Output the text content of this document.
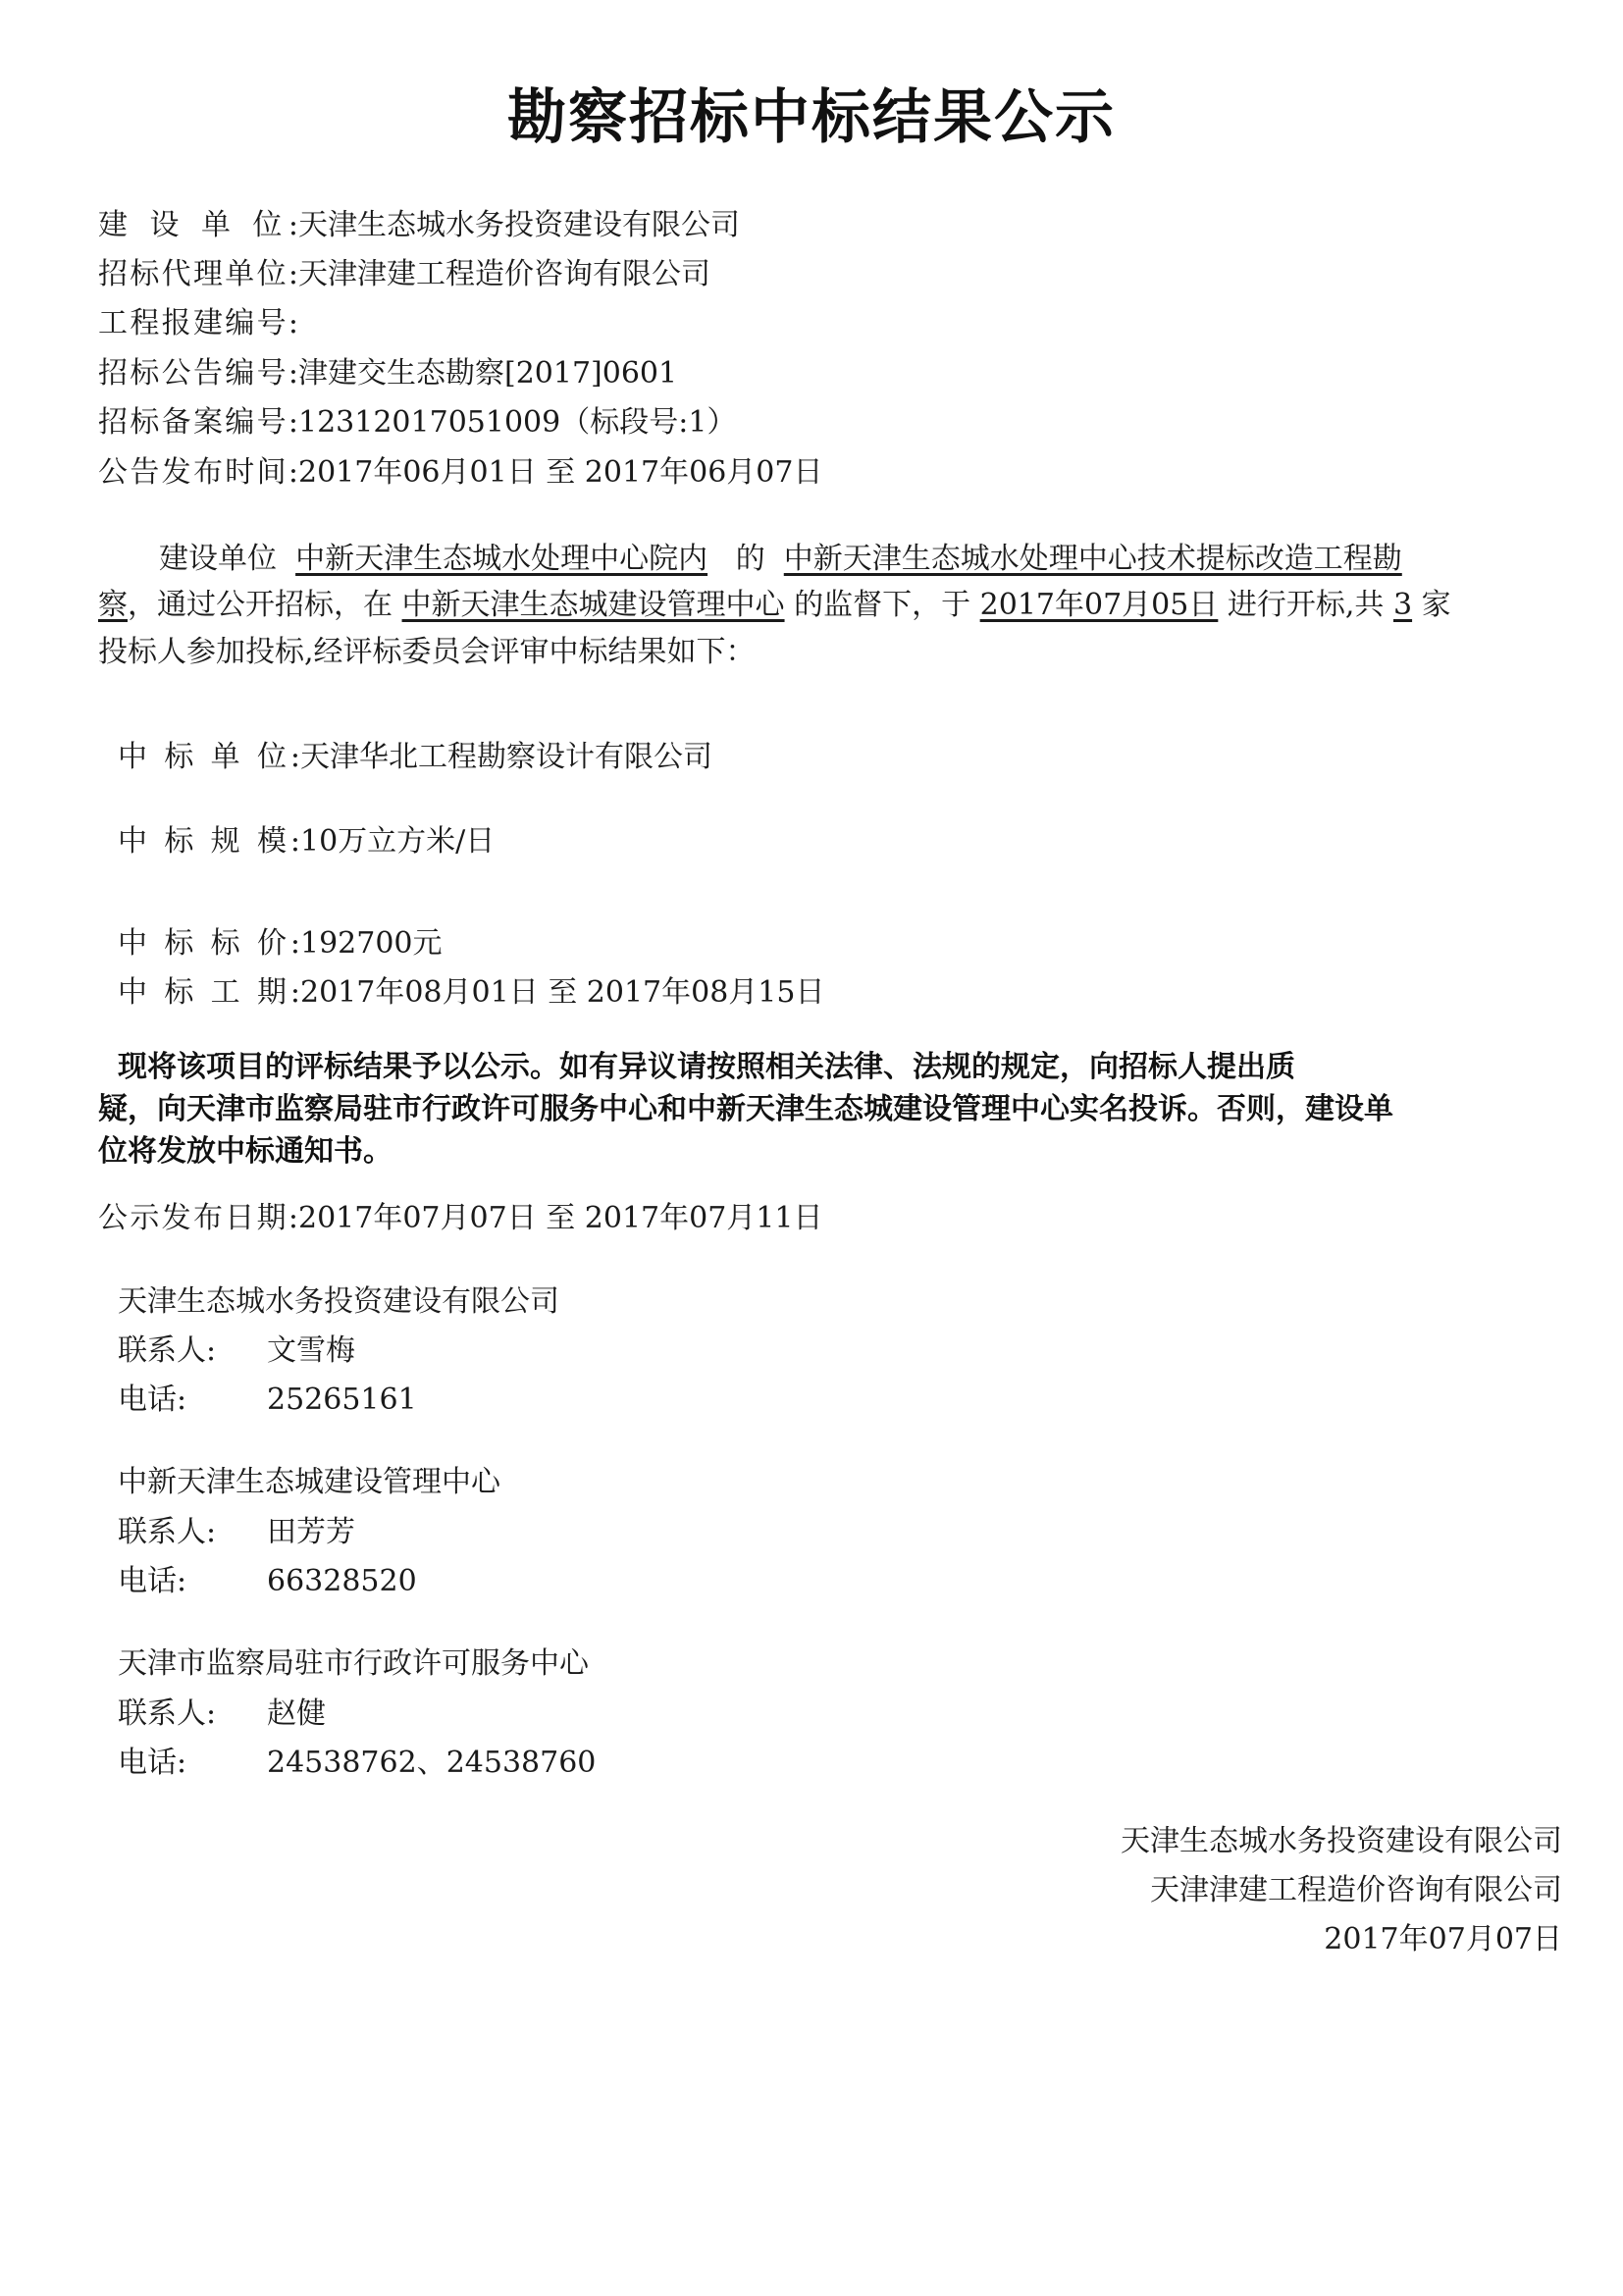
勘察招标中标结果公示
建 设 单 位:天津生态城水务投资建设有限公司
招标代理单位:天津津建工程造价咨询有限公司
工程报建编号:
招标公告编号:津建交生态勘察[2017]0601
招标备案编号:12312017051009（标段号:1）
公告发布时间:2017年06月01日 至 2017年06月07日
建设单位 中新天津生态城水处理中心院内 的 中新天津生态城水处理中心技术提标改造工程勘
察，通过公开招标，在 中新天津生态城建设管理中心 的监督下，于 2017年07月05日 进行开标,共 3 家
投标人参加投标,经评标委员会评审中标结果如下：
中 标 单 位:天津华北工程勘察设计有限公司
中 标 规 模:10万立方米/日
中 标 标 价:192700元
中 标 工 期:2017年08月01日 至 2017年08月15日
现将该项目的评标结果予以公示。如有异议请按照相关法律、法规的规定，向招标人提出质
疑，向天津市监察局驻市行政许可服务中心和中新天津生态城建设管理中心实名投诉。否则，建设单
位将发放中标通知书。
公示发布日期:2017年07月07日 至 2017年07月11日
天津生态城水务投资建设有限公司
联系人: 文雪梅
电话:	25265161
中新天津生态城建设管理中心
联系人: 田芳芳
电话:	66328520
天津市监察局驻市行政许可服务中心
联系人: 赵健
电话:	24538762、24538760
天津生态城水务投资建设有限公司
天津津建工程造价咨询有限公司
2017年07月07日
